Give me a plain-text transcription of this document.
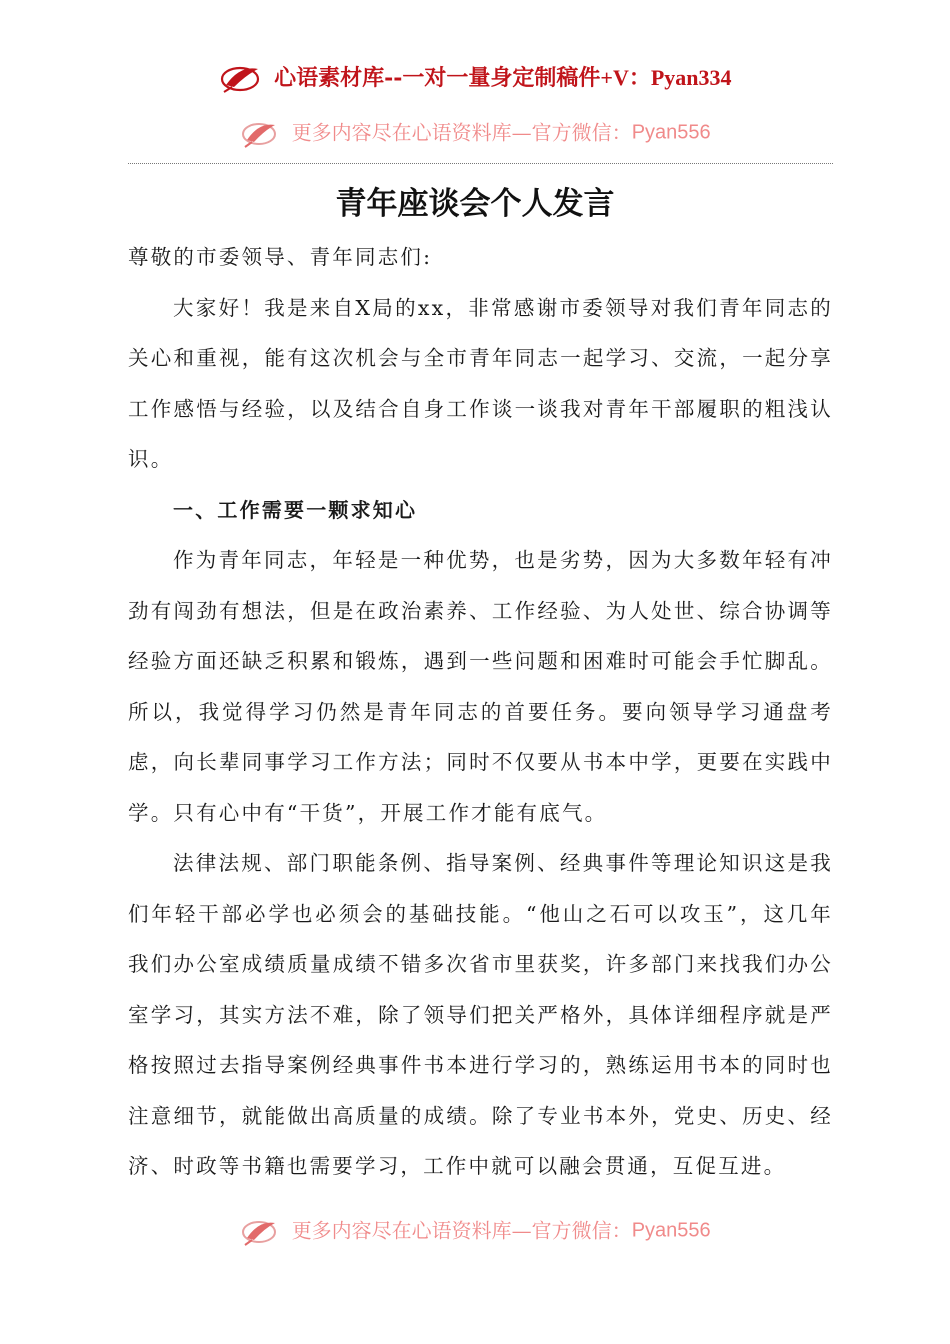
心语素材库--一对一量身定制稿件+V：Pyan334
更多内容尽在心语资料库—官方微信：Pyan556
青年座谈会个人发言

尊敬的市委领导、青年同志们:

大家好！我是来自X局的xx，非常感谢市委领导对我们青年同志的关心和重视，能有这次机会与全市青年同志一起学习、交流，一起分享工作感悟与经验，以及结合自身工作谈一谈我对青年干部履职的粗浅认识。

一、工作需要一颗求知心

作为青年同志，年轻是一种优势，也是劣势，因为大多数年轻有冲劲有闯劲有想法，但是在政治素养、工作经验、为人处世、综合协调等经验方面还缺乏积累和锻炼，遇到一些问题和困难时可能会手忙脚乱。所以，我觉得学习仍然是青年同志的首要任务。要向领导学习通盘考虑，向长辈同事学习工作方法；同时不仅要从书本中学，更要在实践中学。只有心中有“干货”，开展工作才能有底气。

法律法规、部门职能条例、指导案例、经典事件等理论知识这是我们年轻干部必学也必须会的基础技能。“他山之石可以攻玉”，这几年我们办公室成绩质量成绩不错多次省市里获奖，许多部门来找我们办公室学习，其实方法不难，除了领导们把关严格外，具体详细程序就是严格按照过去指导案例经典事件书本进行学习的，熟练运用书本的同时也注意细节，就能做出高质量的成绩。除了专业书本外，党史、历史、经济、时政等书籍也需要学习，工作中就可以融会贯通，互促互进。

更多内容尽在心语资料库—官方微信：Pyan556
